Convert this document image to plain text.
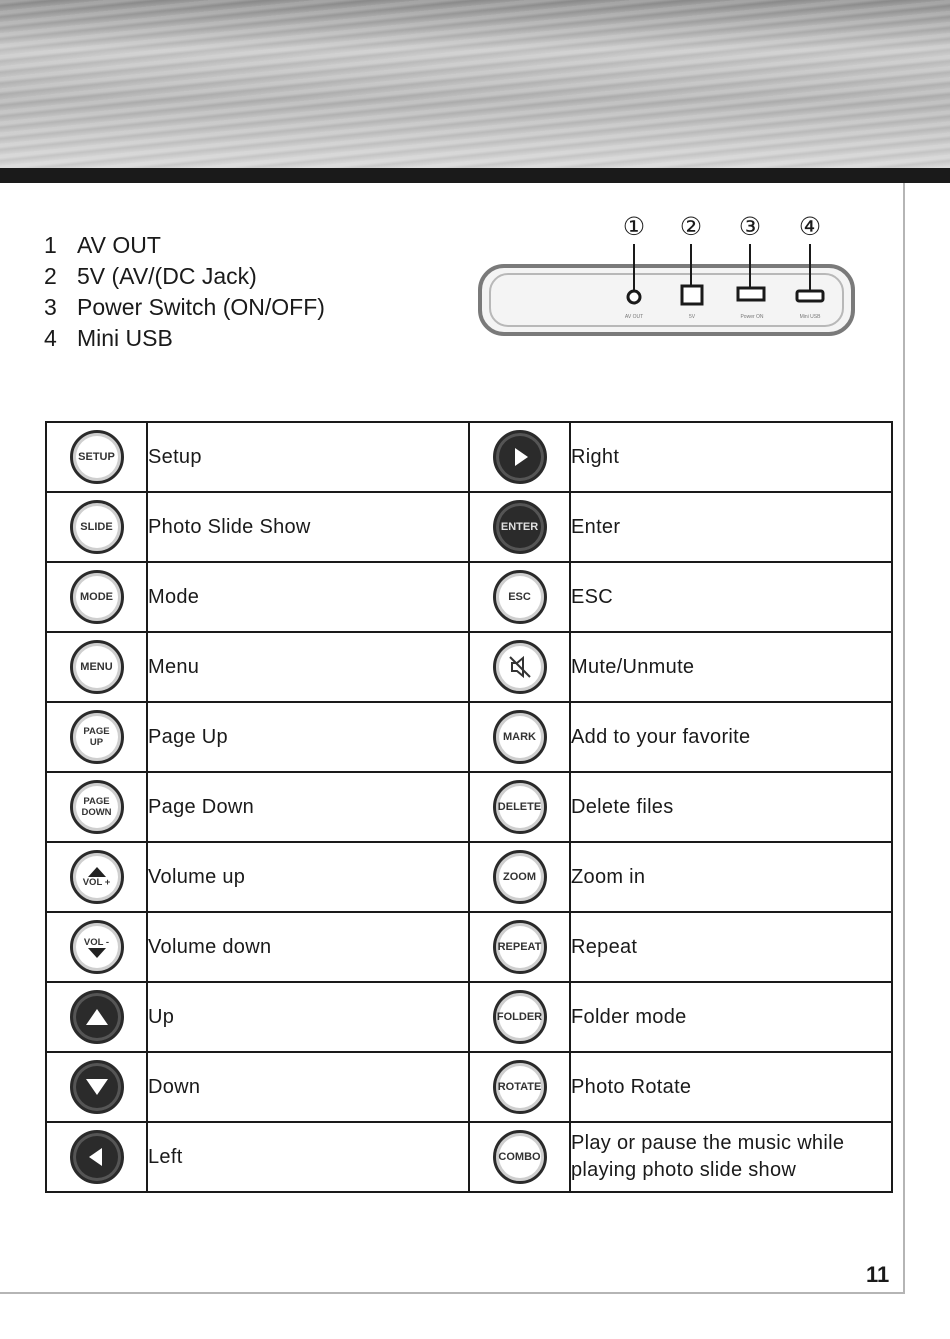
1 AV OUT
2 5V (AV/(DC Jack)
3 Power Switch (ON/OFF)
4 Mini USB
① ② ③ ④
AV OUT	5V	Power ON	Mini USB
SETUP	Setup		Right
SLIDE	Photo Slide Show	ENTER	Enter
MODE	Mode	ESC	ESC
MENU	Menu		Mute/Unmute

PAGE
UP	Page Up	MARK	Add to your favorite

PAGE
DOWN	Page Down	DELETE	Delete files

VOL +	Volume up	ZOOM	Zoom in

VOL -	Volume down	REPEAT	Repeat

	Up	FOLDER	Folder mode

	Down	ROTATE	Photo Rotate

	Left	COMBO	Play or pause the music while playing photo slide show
11
